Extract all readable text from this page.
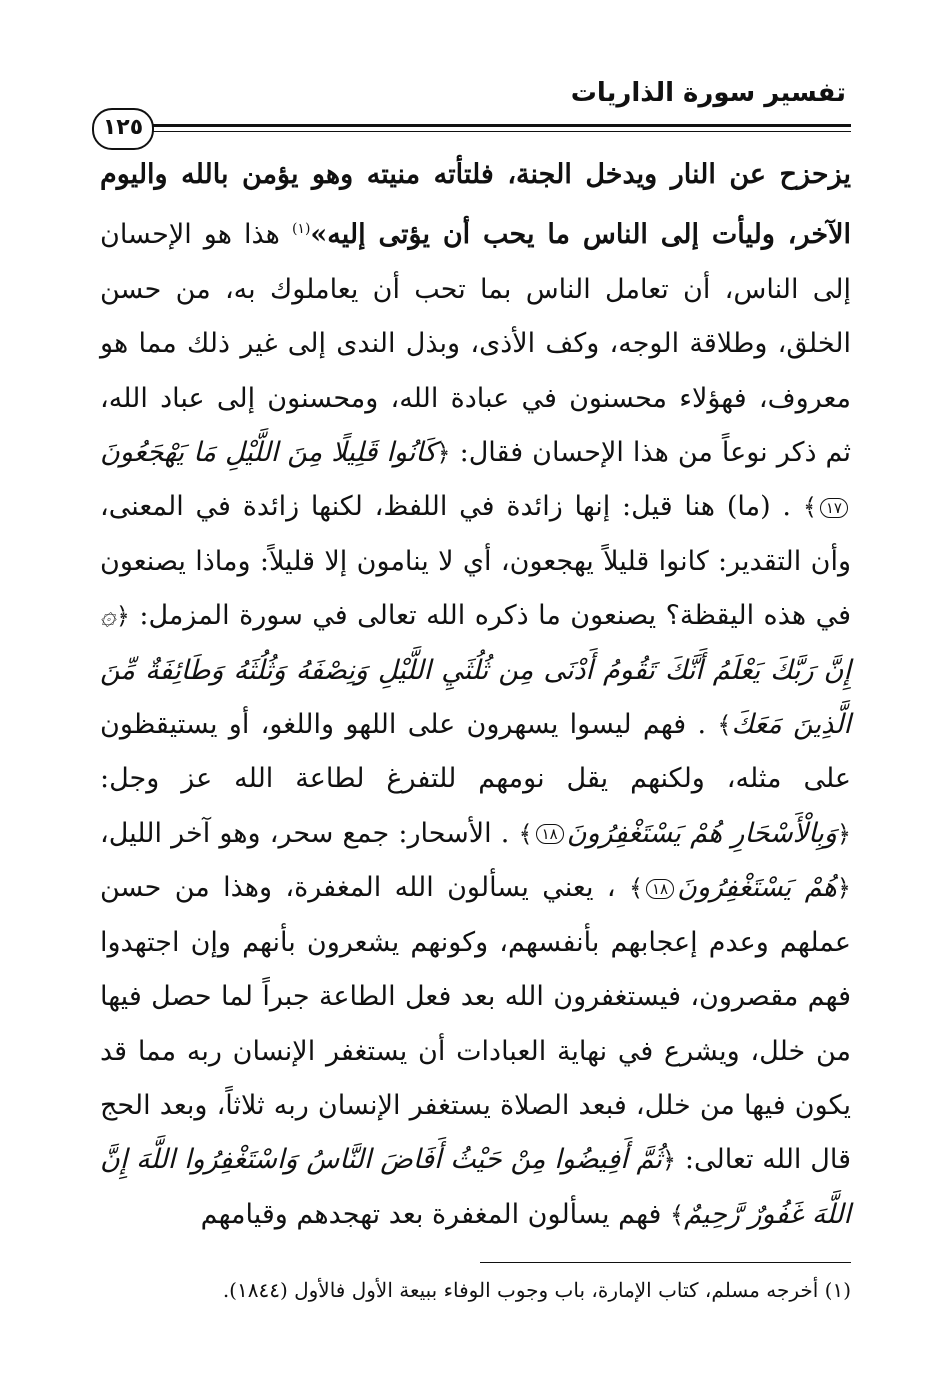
تفسير سورة الذاريات
١٢٥
يزحزح عن النار ويدخل الجنة، فلتأته منيته وهو يؤمن بالله واليوم الآخر، وليأت إلى الناس ما يحب أن يؤتى إليه»$^{(١)}$ هذا هو الإحسان إلى الناس، أن تعامل الناس بما تحب أن يعاملوك به، من حسن الخلق، وطلاقة الوجه، وكف الأذى، وبذل الندى إلى غير ذلك مما هو معروف، فهؤلاء محسنون في عبادة الله، ومحسنون إلى عباد الله، ثم ذكر نوعاً من هذا الإحسان فقال: ﴿كَانُوا قَلِيلًا مِنَ اللَّيْلِ مَا يَهْجَعُونَ١٧﴾ . (ما) هنا قيل: إنها زائدة في اللفظ، لكنها زائدة في المعنى، وأن التقدير: كانوا قليلاً يهجعون، أي لا ينامون إلا قليلاً: وماذا يصنعون في هذه اليقظة؟ يصنعون ما ذكره الله تعالى في سورة المزمل: ﴿۞ إِنَّ رَبَّكَ يَعْلَمُ أَنَّكَ تَقُومُ أَدْنَى مِن ثُلُثَيِ اللَّيْلِ وَنِصْفَهُ وَثُلُثَهُ وَطَائِفَةٌ مِّنَ الَّذِينَ مَعَكَ﴾ . فهم ليسوا يسهرون على اللهو واللغو، أو يستيقظون على مثله، ولكنهم يقل نومهم للتفرغ لطاعة الله عز وجل: ﴿وَبِالْأَسْحَارِ هُمْ يَسْتَغْفِرُونَ١٨﴾ . الأسحار: جمع سحر، وهو آخر الليل، ﴿هُمْ يَسْتَغْفِرُونَ١٨﴾ ، يعني يسألون الله المغفرة، وهذا من حسن عملهم وعدم إعجابهم بأنفسهم، وكونهم يشعرون بأنهم وإن اجتهدوا فهم مقصرون، فيستغفرون الله بعد فعل الطاعة جبراً لما حصل فيها من خلل، ويشرع في نهاية العبادات أن يستغفر الإنسان ربه مما قد يكون فيها من خلل، فبعد الصلاة يستغفر الإنسان ربه ثلاثاً، وبعد الحج قال الله تعالى: ﴿ثُمَّ أَفِيضُوا مِنْ حَيْثُ أَفَاضَ النَّاسُ وَاسْتَغْفِرُوا اللَّهَ إِنَّ اللَّهَ غَفُورٌ رَّحِيمٌ﴾ فهم يسألون المغفرة بعد تهجدهم وقيامهم
(١) أخرجه مسلم، كتاب الإمارة، باب وجوب الوفاء ببيعة الأول فالأول (١٨٤٤).
